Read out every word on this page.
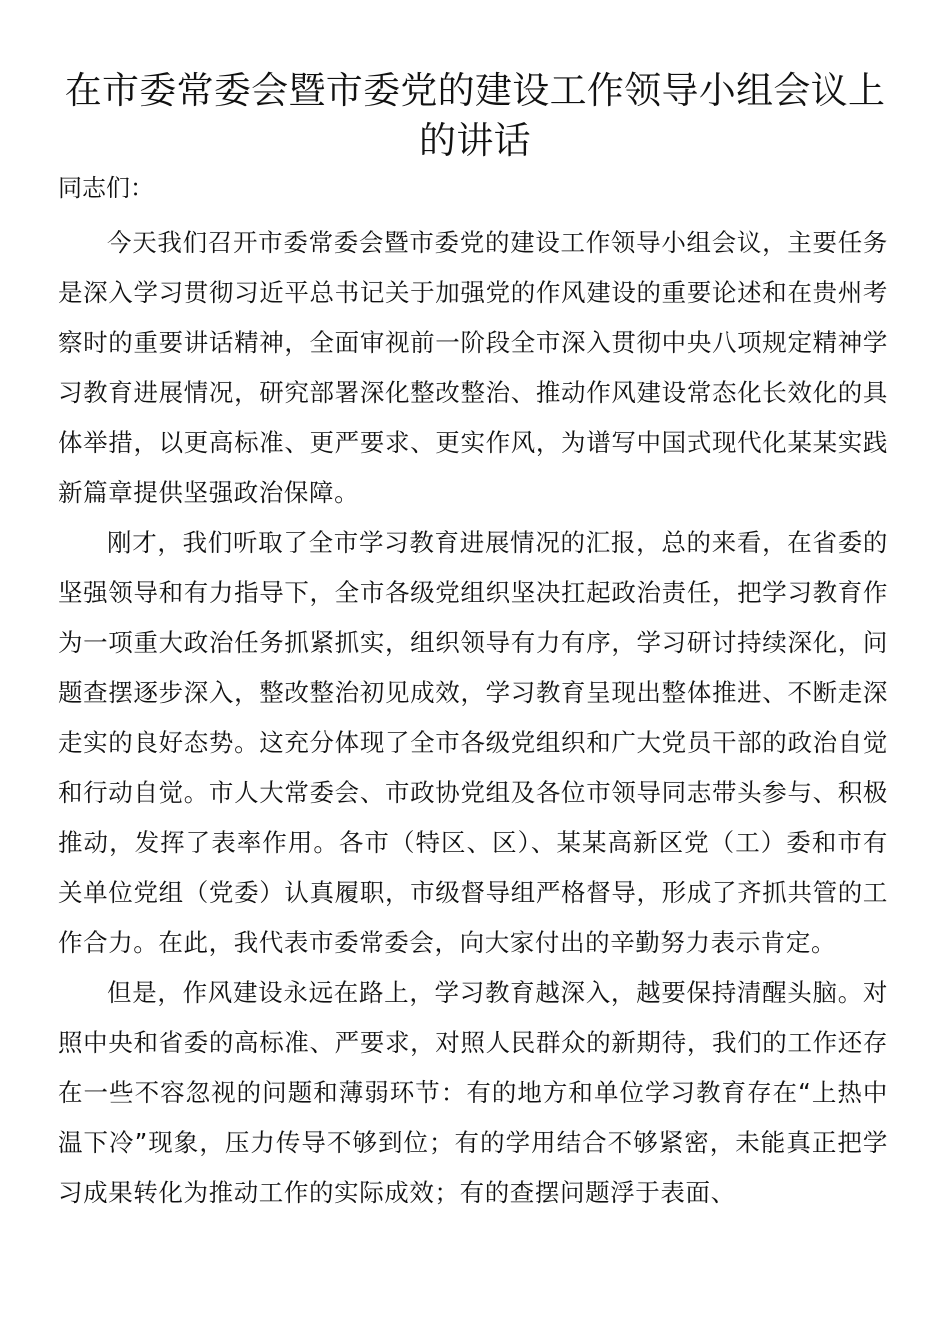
在市委常委会暨市委党的建设工作领导小组会议上的讲话

同志们：

今天我们召开市委常委会暨市委党的建设工作领导小组会议，主要任务是深入学习贯彻习近平总书记关于加强党的作风建设的重要论述和在贵州考察时的重要讲话精神，全面审视前一阶段全市深入贯彻中央八项规定精神学习教育进展情况，研究部署深化整改整治、推动作风建设常态化长效化的具体举措，以更高标准、更严要求、更实作风，为谱写中国式现代化某某实践新篇章提供坚强政治保障。

刚才，我们听取了全市学习教育进展情况的汇报，总的来看，在省委的坚强领导和有力指导下，全市各级党组织坚决扛起政治责任，把学习教育作为一项重大政治任务抓紧抓实，组织领导有力有序，学习研讨持续深化，问题查摆逐步深入，整改整治初见成效，学习教育呈现出整体推进、不断走深走实的良好态势。这充分体现了全市各级党组织和广大党员干部的政治自觉和行动自觉。市人大常委会、市政协党组及各位市领导同志带头参与、积极推动，发挥了表率作用。各市（特区、区）、某某高新区党（工）委和市有关单位党组（党委）认真履职，市级督导组严格督导，形成了齐抓共管的工作合力。在此，我代表市委常委会，向大家付出的辛勤努力表示肯定。

但是，作风建设永远在路上，学习教育越深入，越要保持清醒头脑。对照中央和省委的高标准、严要求，对照人民群众的新期待，我们的工作还存在一些不容忽视的问题和薄弱环节：有的地方和单位学习教育存在“上热中温下冷”现象，压力传导不够到位；有的学用结合不够紧密，未能真正把学习成果转化为推动工作的实际成效；有的查摆问题浮于表面、
